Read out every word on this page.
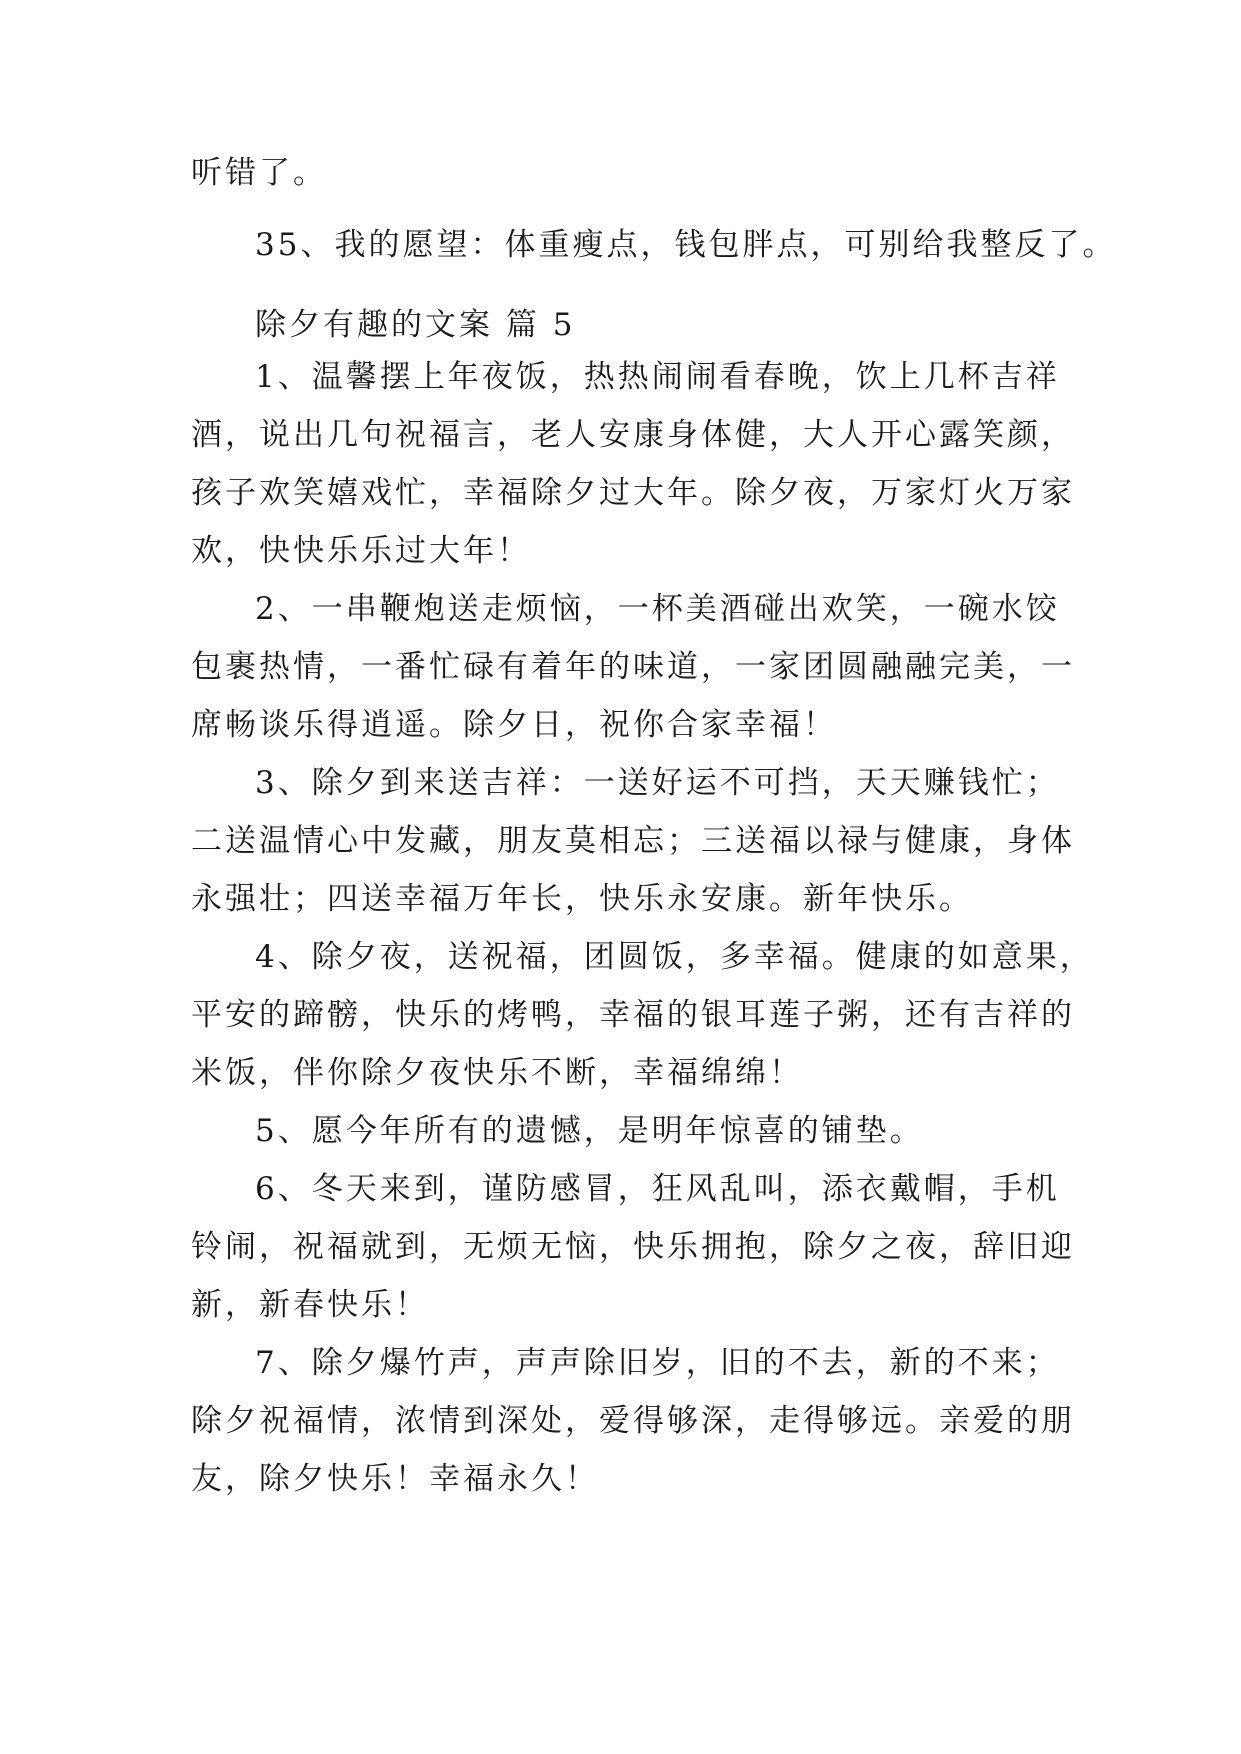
听错了。
35、我的愿望：体重瘦点，钱包胖点，可别给我整反了。
除夕有趣的文案 篇 5
1、温馨摆上年夜饭，热热闹闹看春晚，饮上几杯吉祥
酒，说出几句祝福言，老人安康身体健，大人开心露笑颜，
孩子欢笑嬉戏忙，幸福除夕过大年。除夕夜，万家灯火万家
欢，快快乐乐过大年！
2、一串鞭炮送走烦恼，一杯美酒碰出欢笑，一碗水饺
包裹热情，一番忙碌有着年的味道，一家团圆融融完美，一
席畅谈乐得逍遥。除夕日，祝你合家幸福！
3、除夕到来送吉祥：一送好运不可挡，天天赚钱忙；
二送温情心中发藏，朋友莫相忘；三送福以禄与健康，身体
永强壮；四送幸福万年长，快乐永安康。新年快乐。
4、除夕夜，送祝福，团圆饭，多幸福。健康的如意果，
平安的蹄髈，快乐的烤鸭，幸福的银耳莲子粥，还有吉祥的
米饭，伴你除夕夜快乐不断，幸福绵绵！
5、愿今年所有的遗憾，是明年惊喜的铺垫。
6、冬天来到，谨防感冒，狂风乱叫，添衣戴帽，手机
铃闹，祝福就到，无烦无恼，快乐拥抱，除夕之夜，辞旧迎
新，新春快乐！
7、除夕爆竹声，声声除旧岁，旧的不去，新的不来；
除夕祝福情，浓情到深处，爱得够深，走得够远。亲爱的朋
友，除夕快乐！幸福永久！
